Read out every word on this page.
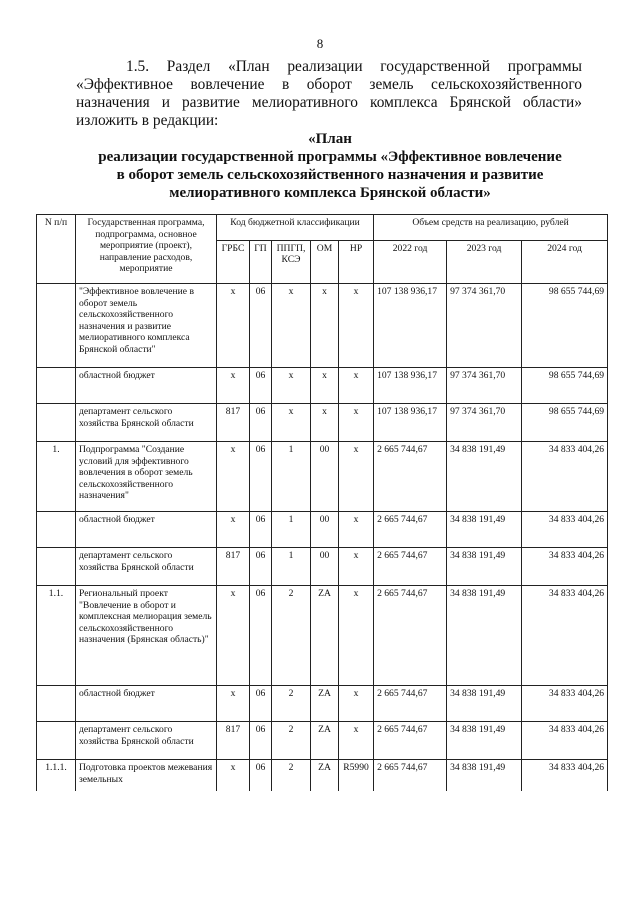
8
1.5. Раздел «План реализации государственной программы
«Эффективное вовлечение в оборот земель сельскохозяйственного
назначения и развитие мелиоративного комплекса Брянской области»
изложить в редакции:
«План
реализации государственной программы «Эффективное вовлечение
в оборот земель сельскохозяйственного назначения и развитие
мелиоративного комплекса Брянской области»
N п/п	Государственная программа, подпрограмма, основное мероприятие (проект), направление расходов, мероприятие	Код бюджетной классификации					Объем средств на реализацию, рублей		
		ГРБС	ГП	ППГП, КСЭ	ОМ	НР	2022 год	2023 год	2024 год
	"Эффективное вовлечение в оборот земель сельскохозяйственного назначения и развитие мелиоративного комплекса Брянской области"	x	06	x	x	x	107 138 936,17	97 374 361,70	98 655 744,69
	областной бюджет	x	06	x	x	x	107 138 936,17	97 374 361,70	98 655 744,69
	департамент сельского хозяйства Брянской области	817	06	x	x	x	107 138 936,17	97 374 361,70	98 655 744,69
1.	Подпрограмма "Создание условий для эффективного вовлечения в оборот земель сельскохозяйственного назначения"	x	06	1	00	x	2 665 744,67	34 838 191,49	34 833 404,26
	областной бюджет	x	06	1	00	x	2 665 744,67	34 838 191,49	34 833 404,26
	департамент сельского хозяйства Брянской области	817	06	1	00	x	2 665 744,67	34 838 191,49	34 833 404,26
1.1.	Региональный проект "Вовлечение в оборот и комплексная мелиорация земель сельскохозяйственного назначения (Брянская область)"	x	06	2	ZA	x	2 665 744,67	34 838 191,49	34 833 404,26
	областной бюджет	x	06	2	ZA	x	2 665 744,67	34 838 191,49	34 833 404,26
	департамент сельского хозяйства Брянской области	817	06	2	ZA	x	2 665 744,67	34 838 191,49	34 833 404,26
1.1.1.	Подготовка проектов межевания земельных	x	06	2	ZA	R5990	2 665 744,67	34 838 191,49	34 833 404,26
